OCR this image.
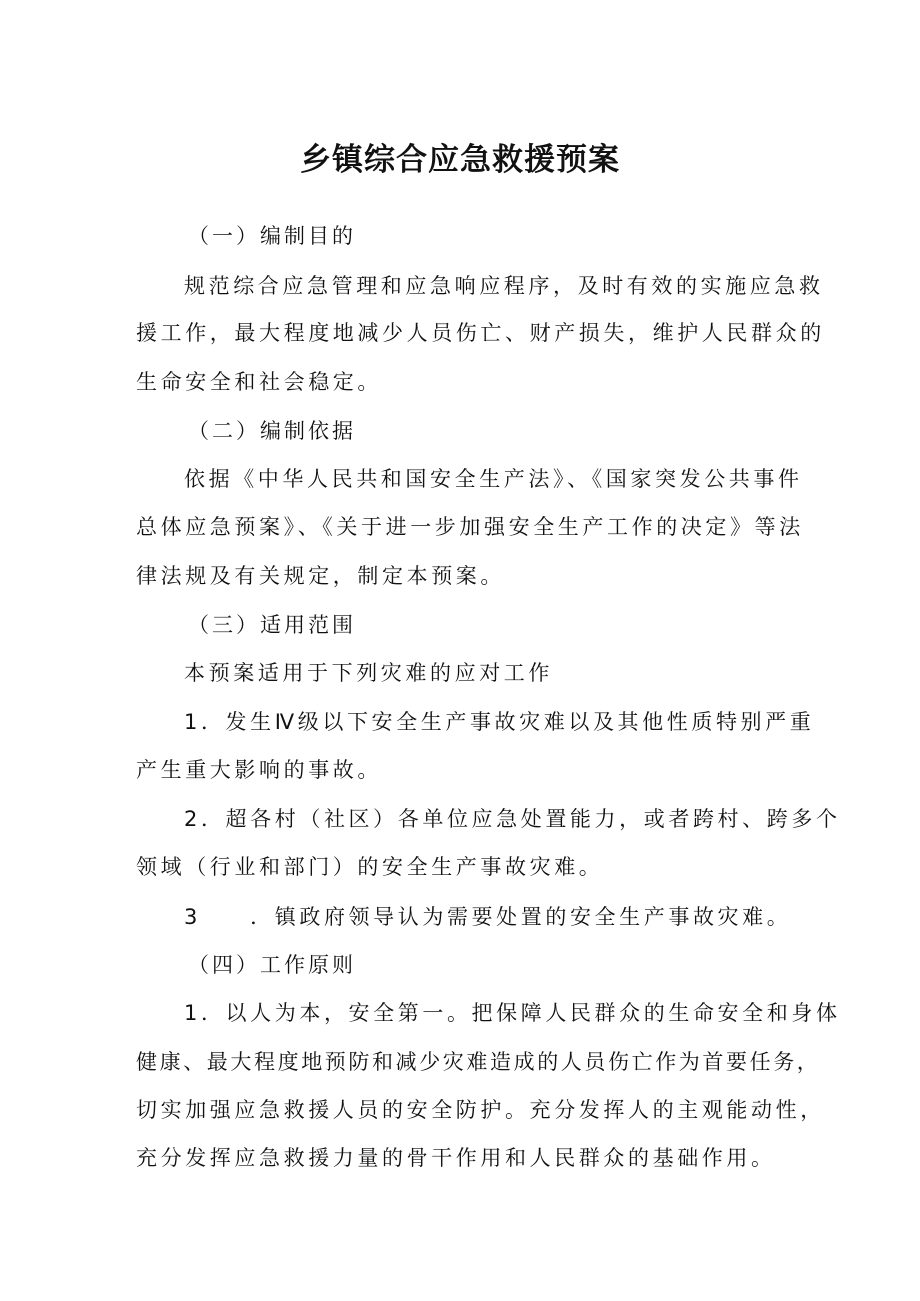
乡镇综合应急救援预案
（一）编制目的
规范综合应急管理和应急响应程序，及时有效的实施应急救
援工作，最大程度地减少人员伤亡、财产损失，维护人民群众的
生命安全和社会稳定。
（二）编制依据
依据《中华人民共和国安全生产法》、《国家突发公共事件
总体应急预案》、《关于进一步加强安全生产工作的决定》等法
律法规及有关规定，制定本预案。
（三）适用范围
本预案适用于下列灾难的应对工作
1．发生Ⅳ级以下安全生产事故灾难以及其他性质特别严重
产生重大影响的事故。
2．超各村（社区）各单位应急处置能力，或者跨村、跨多个
领域（行业和部门）的安全生产事故灾难。
3　　．镇政府领导认为需要处置的安全生产事故灾难。
（四）工作原则
1．以人为本，安全第一。把保障人民群众的生命安全和身体
健康、最大程度地预防和减少灾难造成的人员伤亡作为首要任务，
切实加强应急救援人员的安全防护。充分发挥人的主观能动性，
充分发挥应急救援力量的骨干作用和人民群众的基础作用。
